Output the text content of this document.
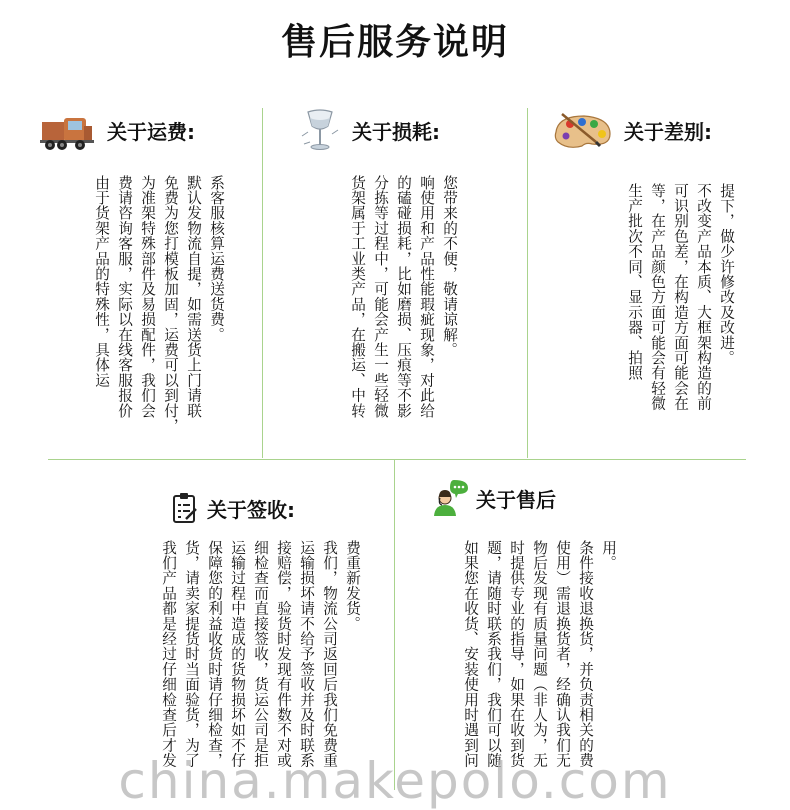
售后服务说明
关于运费:
系客服核算运费送货费。
默认发物流自提，如需送货上门请联
免费为您打模板加固，运费可以到付，
为准架特殊部件及易损配件，我们会
费请咨询客服，实际以在线客服报价
由于货架产品的特殊性，具体运
关于损耗:
您带来的不便，敬请谅解。
响使用和产品性能瑕疵现象，对此给
的磕碰损耗，比如磨损、压痕等不影
分拣等过程中，可能会产生一些轻微
货架属于工业类产品，在搬运、中转
关于差别:
提下，做少许修改及改进。
不改变产品本质、大框架构造的前
可识别色差，在构造方面可能会在
等，在产品颜色方面可能会有轻微
生产批次不同、显示器、拍照
关于签收:
费重新发货。
我们，物流公司返回后我们免费重
运输损坏请不给予签收并及时联系
接赔偿，验货时发现有件数不对或
细检查而直接签收，货运公司是拒
运输过程中造成的货物损坏如不仔
保障您的利益收货时请仔细检查，
货，请卖家提货时当面验货，为了
我们产品都是经过仔细检查后才发
关于售后
用。
条件接收退换货，并负责相关的费
使用）需退换货者，经确认我们无
物后发现有质量问题（非人为，无
时提供专业的指导，如果在收到货
题，请随时联系我们，我们可以随
如果您在收货、安装使用时遇到问
china.makepolo.com
